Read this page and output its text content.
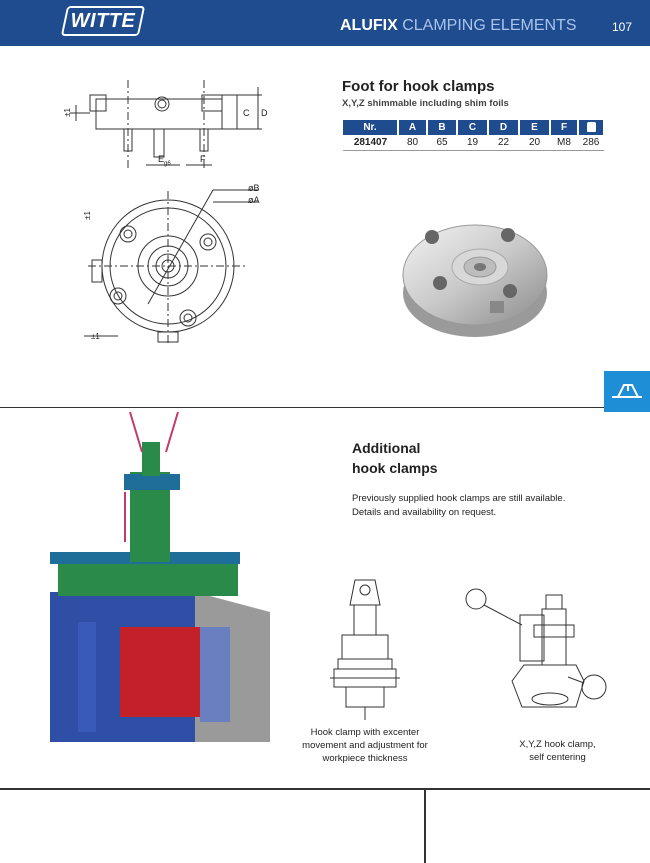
WITTE	ALUFIX CLAMPING ELEMENTS	107
C D
±1
$E_{g6}$	F
øB
øA
±1
±1
Foot for hook clamps
X,Y,Z shimmable including shim foils
Nr.	A	B	C	D	E	F	
281407	80	65	19	22	20	M8	286
Additional
hook clamps
Previously supplied hook clamps are still available.
Details and availability on request.
Hook clamp with excenter
movement and adjustment for
workpiece thickness
X,Y,Z hook clamp,
self centering
